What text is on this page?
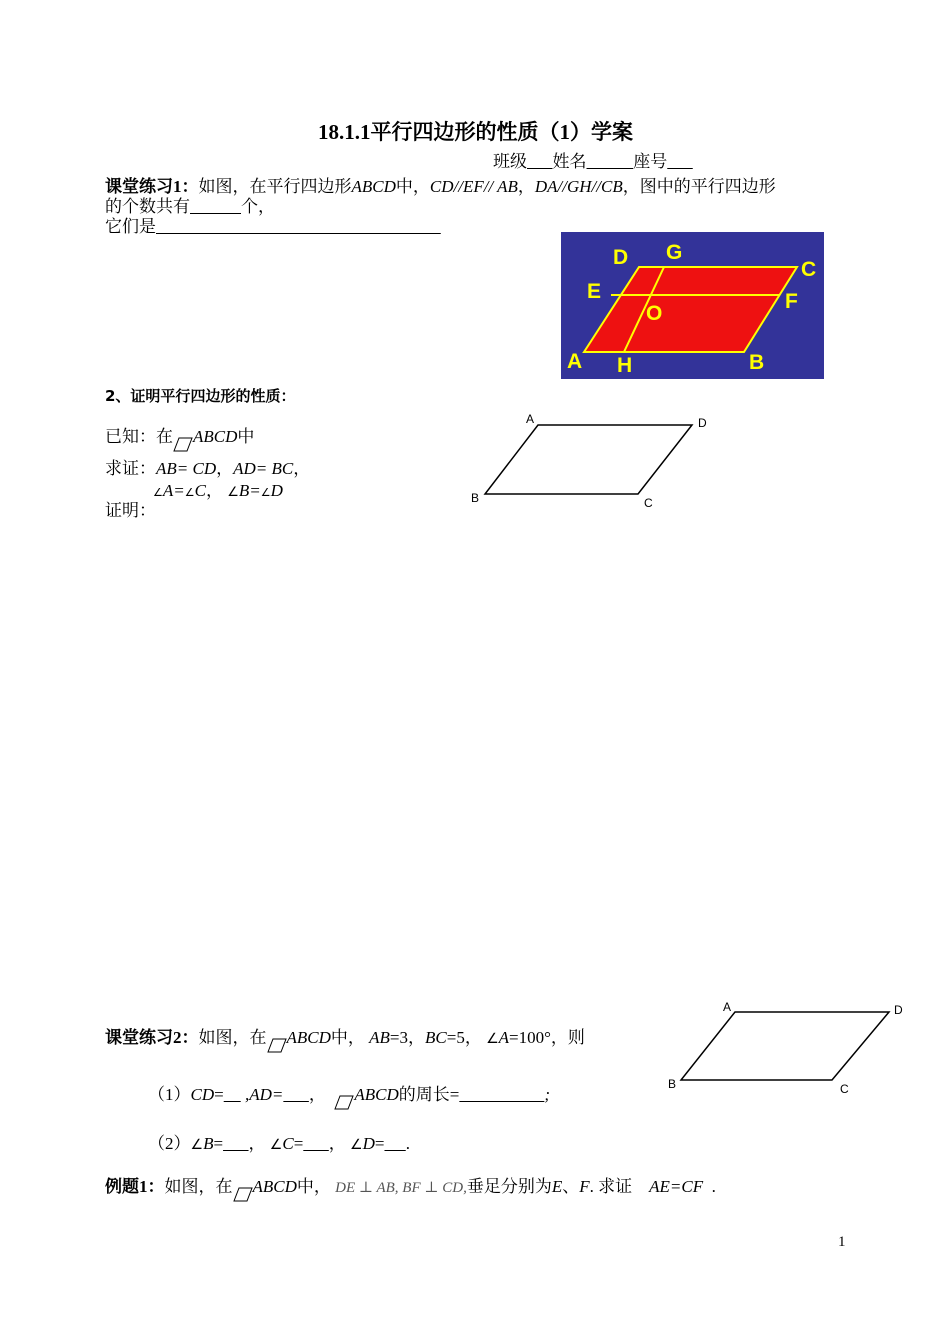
18.1.1平行四边形的性质（1）学案
班级 姓名	座号
课堂练习1：如图，在平行四边形ABCD中，CD//EF// AB，DA//GH//CB，图中的平行四边形
的个数共有	个，
它们是
D G
C
E
O
F
A H	B
2、证明平行四边形的性质：
已知：在 ABCD中
求证：AB= CD，AD= BC，
∠A=∠C， ∠B=∠D
证明：
A	D
B	C
课堂练习2：如图，在 ABCD中， AB=3，BC=5， ∠A=100°，则
（1）CD=     ,AD= ， ABCD的周长=	;
（2）∠B= ， ∠C= ， ∠D= .
A	D
B	C
例题1：如图，在 ABCD中， DE ⊥ AB, BF ⊥ CD,垂足分别为E、F. 求证 AE=CF .
1
